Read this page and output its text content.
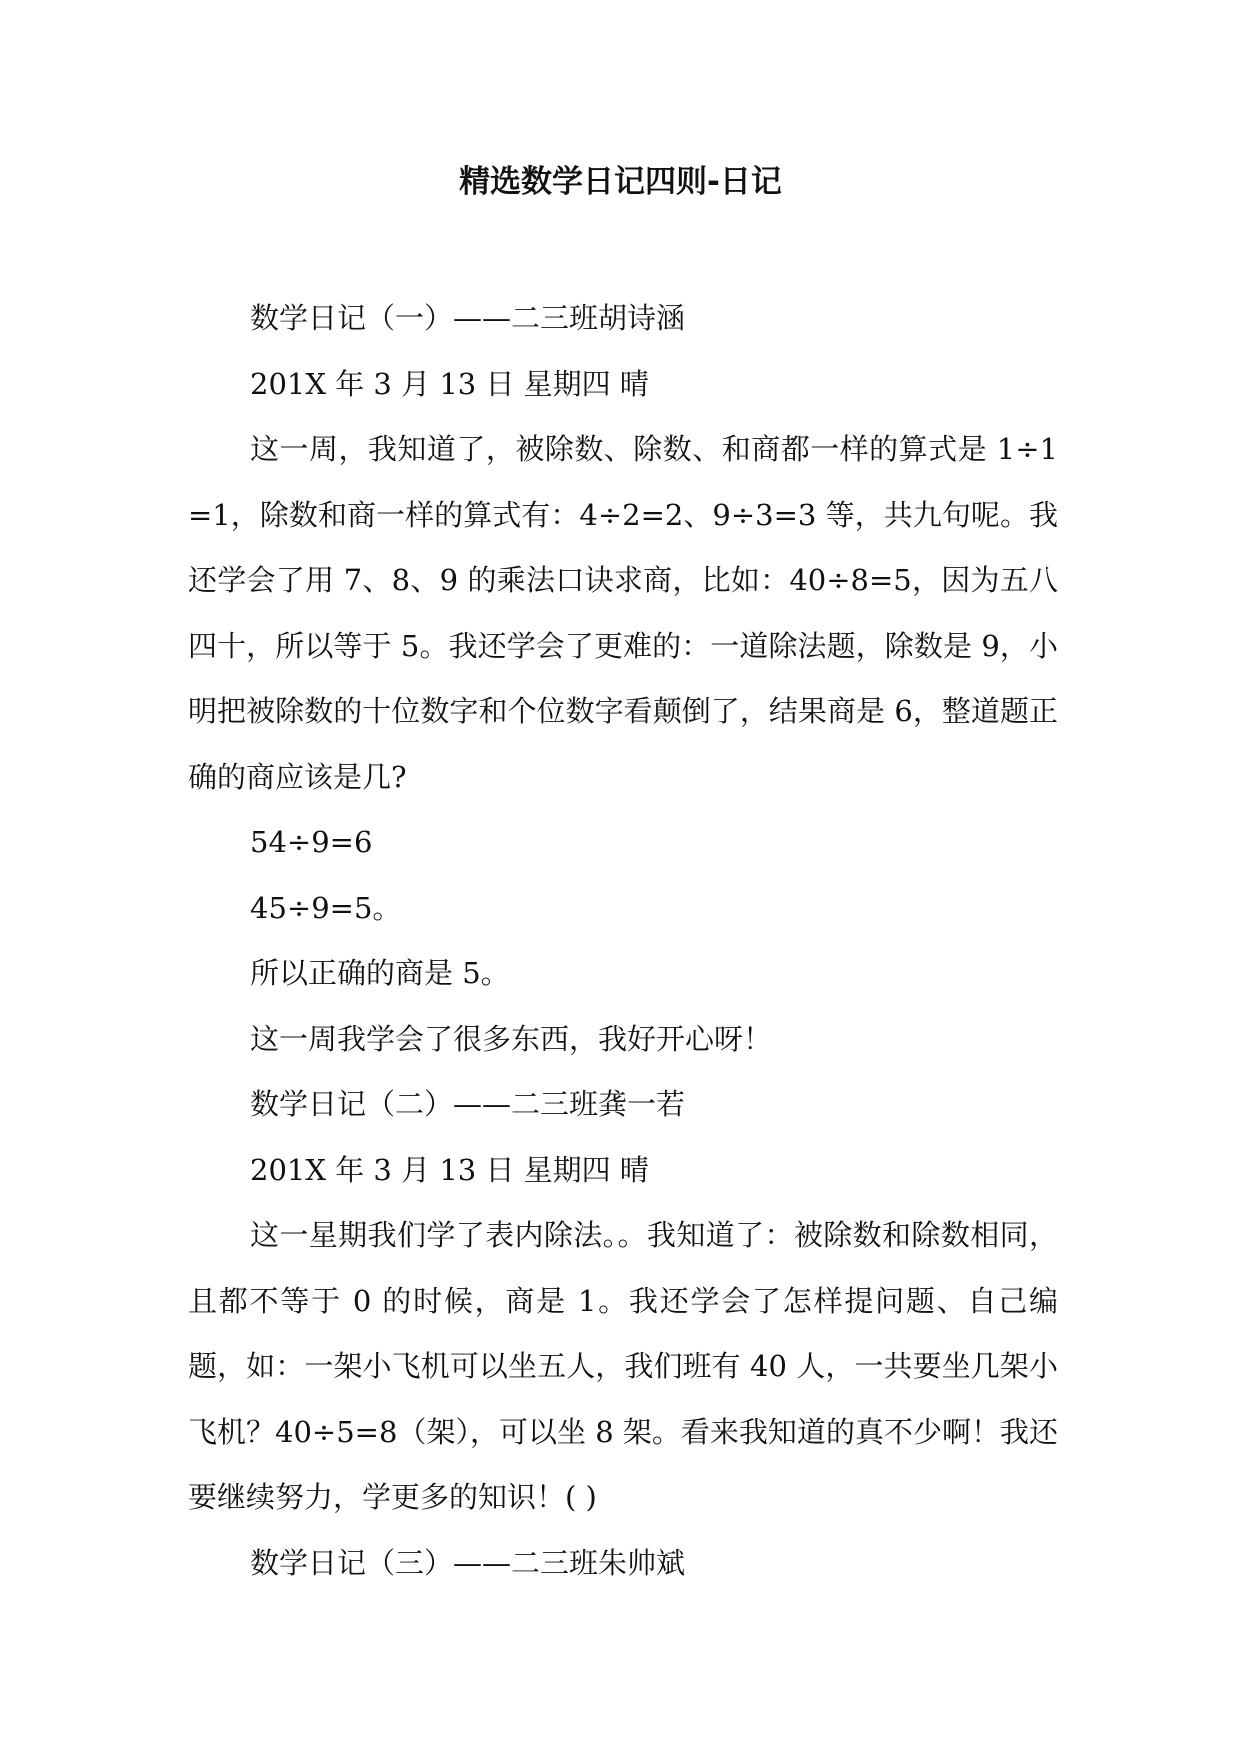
精选数学日记四则-日记

数学日记（一）——二三班胡诗涵

201X 年 3 月 13 日 星期四 晴

这一周，我知道了，被除数、除数、和商都一样的算式是 1÷1=1，除数和商一样的算式有：4÷2=2、9÷3=3 等，共九句呢。我还学会了用 7、8、9 的乘法口诀求商，比如：40÷8=5，因为五八四十，所以等于 5。我还学会了更难的：一道除法题，除数是 9，小明把被除数的十位数字和个位数字看颠倒了，结果商是 6，整道题正确的商应该是几?

54÷9=6

45÷9=5。

所以正确的商是 5。

这一周我学会了很多东西，我好开心呀！

数学日记（二）——二三班龚一若

201X 年 3 月 13 日 星期四 晴

这一星期我们学了表内除法。。我知道了：被除数和除数相同，且都不等于 0 的时候，商是 1。我还学会了怎样提问题、自己编题，如：一架小飞机可以坐五人，我们班有 40 人，一共要坐几架小飞机？40÷5=8（架），可以坐 8 架。看来我知道的真不少啊！我还要继续努力，学更多的知识！( )

数学日记（三）——二三班朱帅斌
